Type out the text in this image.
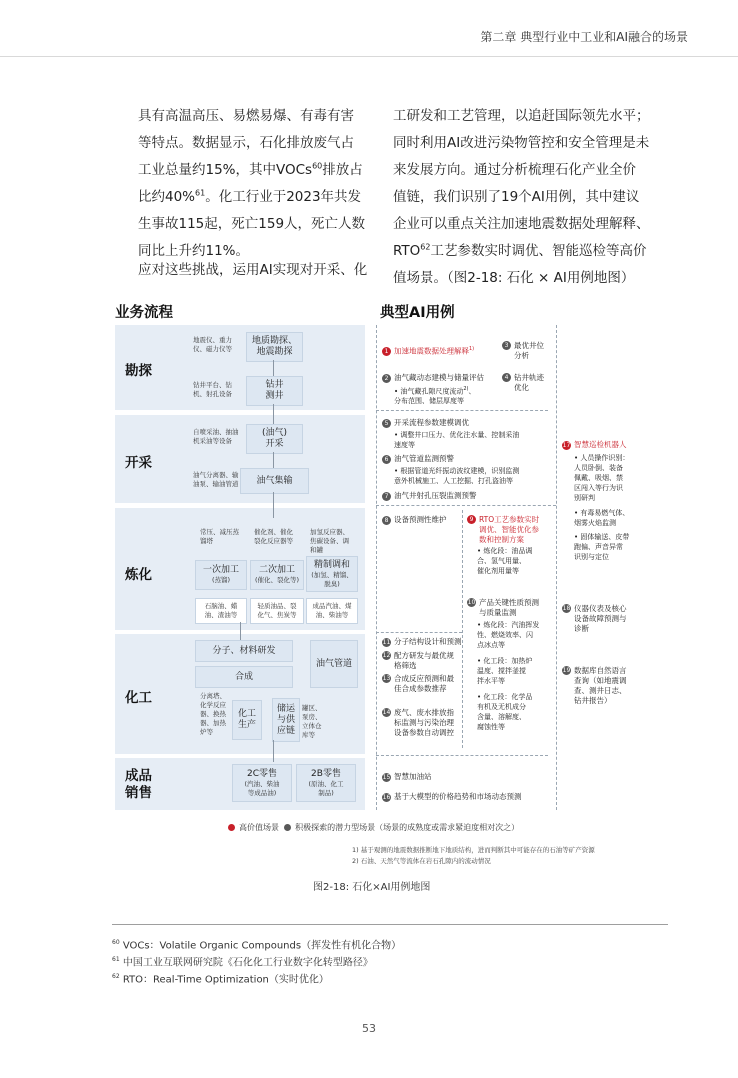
第二章 典型行业中工业和AI融合的场景
具有高温高压、易燃易爆、有毒有害
等特点。数据显示，石化排放废气占
工业总量约15%，其中VOCs$^{60}$排放占
比约40%$^{61}$。化工行业于2023年共发
生事故115起，死亡159人，死亡人数
同比上升约11%。
应对这些挑战，运用AI实现对开采、化
工研发和工艺管理，以追赶国际领先水平；
同时利用AI改进污染物管控和安全管理是未
来发展方向。通过分析梳理石化产业全价
值链，我们识别了19个AI用例，其中建议
企业可以重点关注加速地震数据处理解释、
RTO$^{62}$工艺参数实时调优、智能巡检等高价
值场景。（图2-18: 石化 × AI用例地图）
业务流程	典型AI用例
勘探
开采
炼化
化工
成品
销售
地震仪、重力
仪、磁力仪等
地质勘探、
地震勘探
钻井平台、钻
机、射孔设备
钻井
测井
自喷采油、抽油
机采油等设备
(油气)
开采
油气分离器、输
油泵、输油管道	油气集输
常压、减压蒸
馏塔
催化剂、催化
裂化反应器等
加氢反应器、
焦碳设备、调
和罐
一次加工
(蒸馏)
二次加工
(催化、裂化等)
精制调和
(加氢、精馏、
脱臭)
石脑油、蜡
油、渣油等
轻质油品、裂
化气、焦炭等
成品汽油、煤
油、柴油等
分子、材料研发
合成
油气管道
分离塔、
化学反应
器、换热
器、加热
炉等
化工
生产
储运
与供
应链
罐区、
泵房、
立体仓
库等
2C零售
(汽油、柴油
等成品油)
2B零售
(原油、化工
制品)
1 加速地震数据处理解释$^{1)}$	3 最优井位
分析
2 油气藏动态建模与储量评估
• 油气藏孔隙尺度流动$^{2)}$、
分布范围、储层厚度等
4 钻井轨迹
优化
5 开采流程参数建模调优
• 调整井口压力、优化注水量、控制采油
速度等
6 油气管道监测预警
• 根据管道光纤振动波纹建模，识别监测
意外机械施工、人工挖掘、打孔盗油等
7 油气井射孔压裂监测预警
8 设备预测性维护	9 RTO工艺参数实时
调优、智能优化参
数和控制方案
• 炼化段：油品调
合、氢气用量、
催化剂用量等
10 产品关键性质预测
与质量监测
• 炼化段：汽油挥发
性、燃烧效率、闪
点冰点等
• 化工段：加热炉
温度、搅拌釜搅
拌水平等
• 化工段：化学品
有机及无机成分
含量、溶解度、
腐蚀性等
11 分子结构设计和预测
12 配方研发与最优规
格筛选
13 合成反应预测和最
佳合成参数推荐
14 废气、废水排放指
标监测与污染治理
设备参数自动调控
15 智慧加油站
16 基于大模型的价格趋势和市场动态预测
17 智慧巡检机器人
• 人员操作识别：
人员卧倒、装备
佩戴、吸烟、禁
区闯入等行为识
别研判
• 有毒易燃气体、
烟雾火焰监测
• 固体输送、皮带
跑偏、声音异常
识别与定位
18 仪器仪表及核心
设备故障预测与
诊断
19 数据库自然语言
查询（如地震调
查、测井日志、
钻井报告）
高价值场景 积极探索的潜力型场景（场景的成熟度或需求紧迫度相对次之）
1) 基于观测的地震数据推断地下地质结构，进而判断其中可能存在的石油等矿产资源
2) 石油、天然气等流体在岩石孔隙内的流动情况
图2-18: 石化×AI用例地图
$^{60}$ VOCs：Volatile Organic Compounds（挥发性有机化合物）
$^{61}$ 中国工业互联网研究院《石化化工行业数字化转型路径》
$^{62}$ RTO：Real-Time Optimization（实时优化）
53
